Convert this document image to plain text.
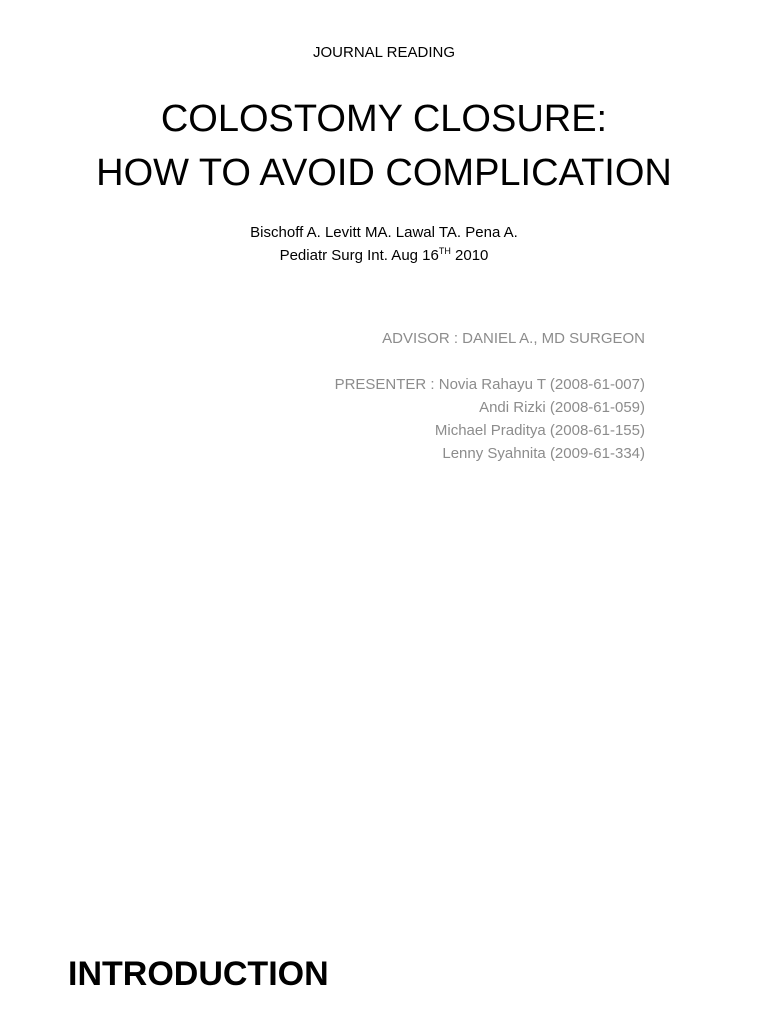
JOURNAL READING
COLOSTOMY CLOSURE:
HOW TO AVOID COMPLICATION
Bischoff A. Levitt MA. Lawal TA. Pena A.
Pediatr Surg Int. Aug 16TH 2010
ADVISOR : DANIEL A., MD SURGEON
PRESENTER : Novia Rahayu T (2008-61-007)
Andi Rizki (2008-61-059)
Michael Praditya (2008-61-155)
Lenny Syahnita (2009-61-334)
INTRODUCTION
